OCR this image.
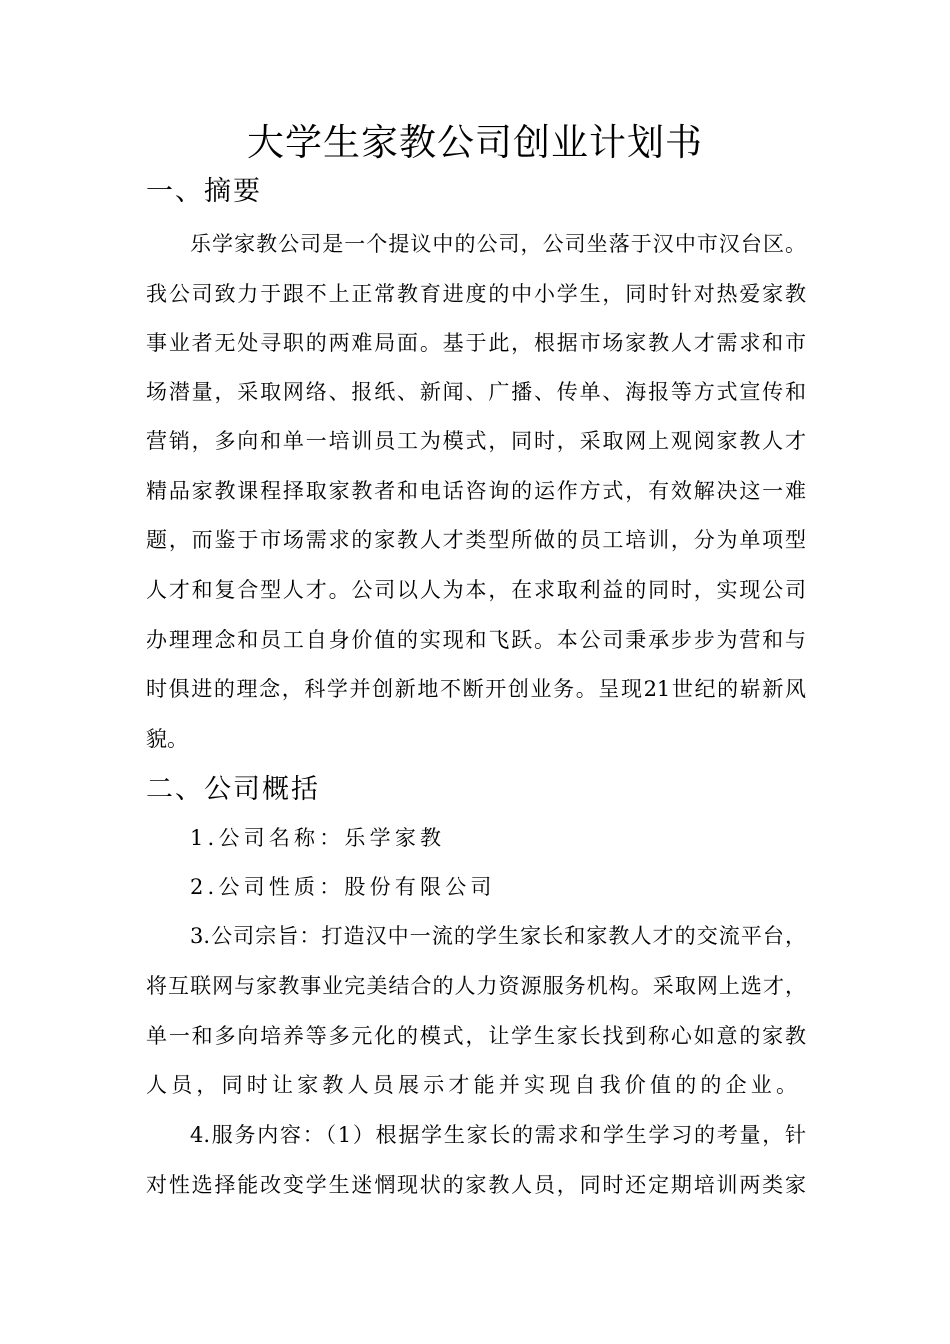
大学生家教公司创业计划书
一、摘要
乐学家教公司是一个提议中的公司，公司坐落于汉中市汉台区。
我公司致力于跟不上正常教育进度的中小学生，同时针对热爱家教
事业者无处寻职的两难局面。基于此，根据市场家教人才需求和市
场潜量，采取网络、报纸、新闻、广播、传单、海报等方式宣传和
营销，多向和单一培训员工为模式，同时，采取网上观阅家教人才
精品家教课程择取家教者和电话咨询的运作方式，有效解决这一难
题，而鉴于市场需求的家教人才类型所做的员工培训，分为单项型
人才和复合型人才。公司以人为本，在求取利益的同时，实现公司
办理理念和员工自身价值的实现和飞跃。本公司秉承步步为营和与
时俱进的理念，科学并创新地不断开创业务。呈现21世纪的崭新风
貌。
二、公司概括
1.公司名称：乐学家教
2.公司性质：股份有限公司
3.公司宗旨：打造汉中一流的学生家长和家教人才的交流平台，
将互联网与家教事业完美结合的人力资源服务机构。采取网上选才，
单一和多向培养等多元化的模式，让学生家长找到称心如意的家教
人员，同时让家教人员展示才能并实现自我价值的的企业。
4.服务内容：（1）根据学生家长的需求和学生学习的考量，针
对性选择能改变学生迷惘现状的家教人员，同时还定期培训两类家
